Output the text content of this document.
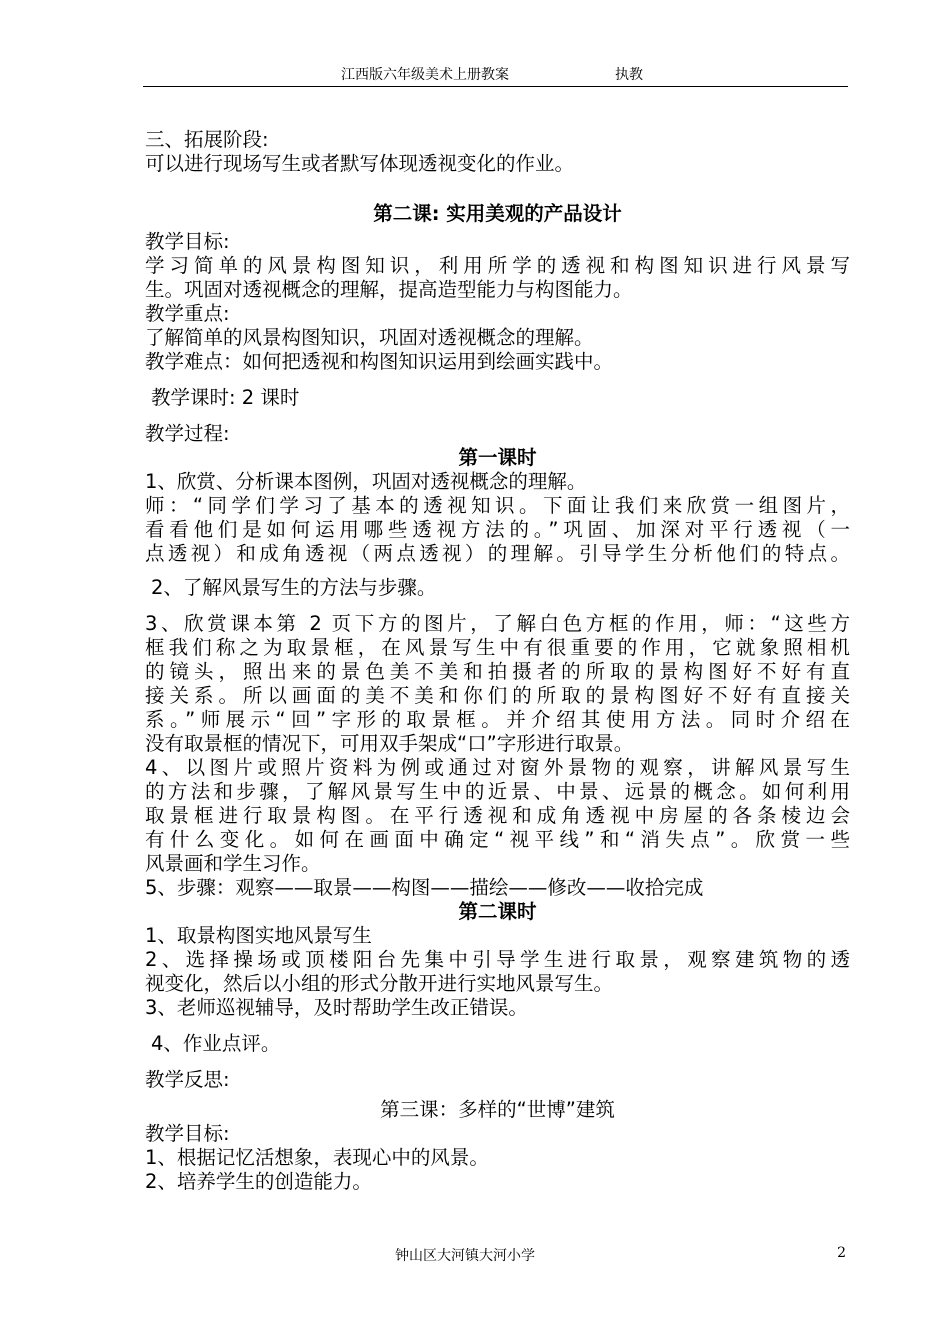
江西版六年级美术上册教案	执教
三、拓展阶段:
可以进行现场写生或者默写体现透视变化的作业。
第二课: 实用美观的产品设计
教学目标:
学习简单的风景构图知识，利用所学的透视和构图知识进行风景写
生。巩固对透视概念的理解，提高造型能力与构图能力。
教学重点:
了解简单的风景构图知识，巩固对透视概念的理解。
教学难点：如何把透视和构图知识运用到绘画实践中。
教学课时: 2 课时
教学过程:
第一课时
1、欣赏、分析课本图例，巩固对透视概念的理解。
师：“同学们学习了基本的透视知识。下面让我们来欣赏一组图片，
看看他们是如何运用哪些透视方法的。”巩固、加深对平行透视（一
点透视）和成角透视（两点透视）的理解。引导学生分析他们的特点。
2、了解风景写生的方法与步骤。
3、欣赏课本第 2 页下方的图片，了解白色方框的作用，师：“这些方
框我们称之为取景框，在风景写生中有很重要的作用，它就象照相机
的镜头，照出来的景色美不美和拍摄者的所取的景构图好不好有直
接关系。所以画面的美不美和你们的所取的景构图好不好有直接关
系。”师展示“回”字形的取景框。并介绍其使用方法。同时介绍在
没有取景框的情况下，可用双手架成“口”字形进行取景。
4、以图片或照片资料为例或通过对窗外景物的观察，讲解风景写生
的方法和步骤，了解风景写生中的近景、中景、远景的概念。如何利用
取景框进行取景构图。在平行透视和成角透视中房屋的各条棱边会
有什么变化。如何在画面中确定“视平线”和“消失点”。欣赏一些
风景画和学生习作。
5、步骤：观察——取景——构图——描绘——修改——收拾完成
第二课时
1、取景构图实地风景写生
2、选择操场或顶楼阳台先集中引导学生进行取景，观察建筑物的透
视变化，然后以小组的形式分散开进行实地风景写生。
3、老师巡视辅导，及时帮助学生改正错误。
4、作业点评。
教学反思:
第三课：多样的“世博”建筑
教学目标:
1、根据记忆活想象，表现心中的风景。
2、培养学生的创造能力。
钟山区大河镇大河小学	2
